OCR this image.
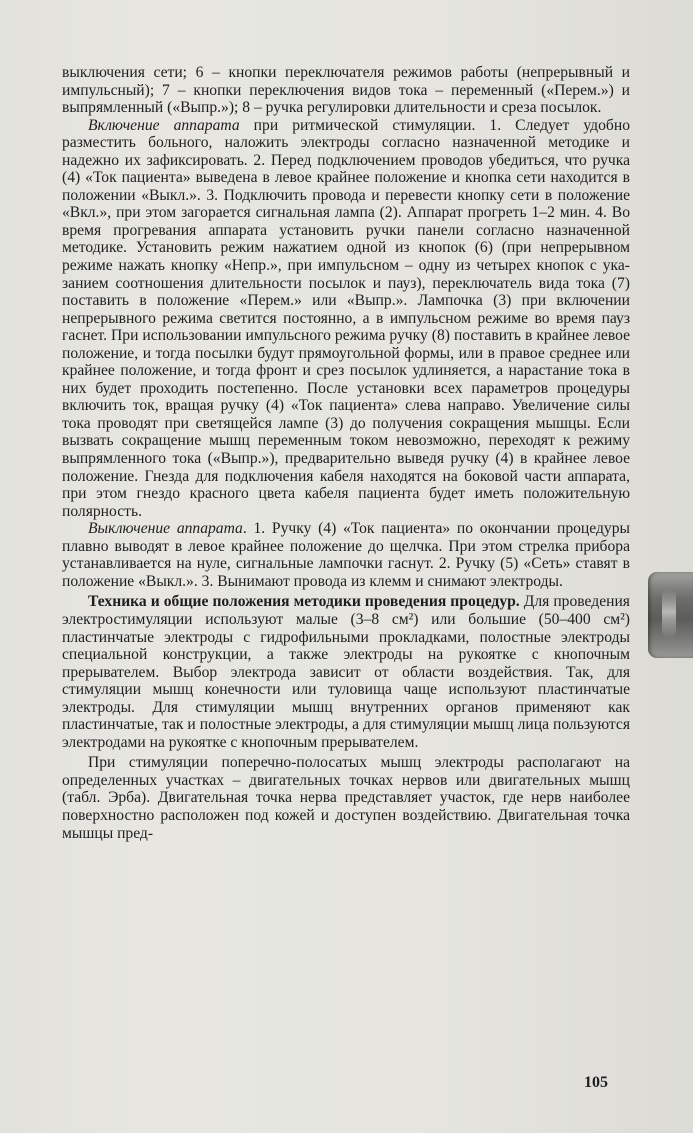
выключения сети; 6 – кнопки переключателя режимов работы (непрерывный и импульсный); 7 – кнопки переключения видов тока – переменный («Перем.») и выпрямленный («Выпр.»); 8 – ручка регулировки длительности и среза посылок.

Включение аппарата при ритмической стимуляции. 1. Следует удобно разместить больного, наложить электроды согласно назначенной методике и надежно их зафиксировать. 2. Перед подключением проводов убедиться, что ручка (4) «Ток пациента» выведена в левое крайнее положение и кнопка сети находится в положении «Выкл.». 3. Подключить провода и перевести кнопку сети в положение «Вкл.», при этом загорается сигнальная лампа (2). Аппарат прогреть 1–2 мин. 4. Во время прогревания аппарата установить ручки панели согласно назначенной методике. Установить режим нажатием одной из кнопок (6) (при непрерывном режиме нажать кнопку «Непр.», при импульсном – одну из четырех кнопок с указанием соотношения длительности посылок и пауз), переключатель вида тока (7) поставить в положение «Перем.» или «Выпр.». Лампочка (3) при включении непрерывного режима светится постоянно, а в импульсном режиме во время пауз гаснет. При использовании импульсного режима ручку (8) поставить в крайнее левое положение, и тогда посылки будут прямоугольной формы, или в правое среднее или крайнее положение, и тогда фронт и срез посылок удлиняется, а нарастание тока в них будет проходить постепенно. После установки всех параметров процедуры включить ток, вращая ручку (4) «Ток пациента» слева направо. Увеличение силы тока проводят при светящейся лампе (3) до получения сокращения мышцы. Если вызвать сокращение мышц переменным током невозможно, переходят к режиму выпрямленного тока («Выпр.»), предварительно выведя ручку (4) в крайнее левое положение. Гнезда для подключения кабеля находятся на боковой части аппарата, при этом гнездо красного цвета кабеля пациента будет иметь положительную полярность.

Выключение аппарата. 1. Ручку (4) «Ток пациента» по окончании процедуры плавно выводят в левое крайнее положение до щелчка. При этом стрелка прибора устанавливается на нуле, сигнальные лампочки гаснут. 2. Ручку (5) «Сеть» ставят в положение «Выкл.». 3. Вынимают провода из клемм и снимают электроды.

Техника и общие положения методики проведения процедур. Для проведения электростимуляции используют малые (3–8 см²) или большие (50–400 см²) пластинчатые электроды с гидрофильными прокладками, полостные электроды специальной конструкции, а также электроды на рукоятке с кнопочным прерывателем. Выбор электрода зависит от области воздействия. Так, для стимуляции мышц конечности или туловища чаще используют пластинчатые электроды. Для стимуляции мышц внутренних органов применяют как пластинчатые, так и полостные электроды, а для стимуляции мышц лица пользуются электродами на рукоятке с кнопочным прерывателем.

При стимуляции поперечно-полосатых мышц электроды располагают на определенных участках – двигательных точках нервов или двигательных мышц (табл. Эрба). Двигательная точка нерва представляет участок, где нерв наиболее поверхностно расположен под кожей и доступен воздействию. Двигательная точка мышцы пред-

105
